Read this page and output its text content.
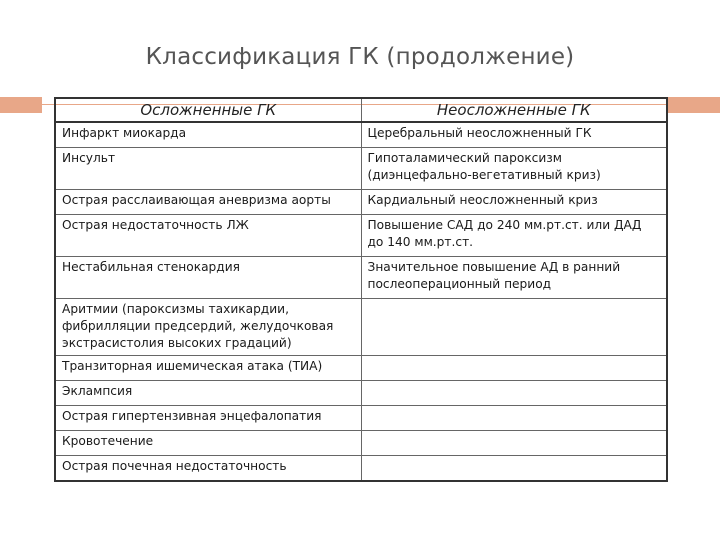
Классификация ГК (продолжение)
Осложненные ГК	Неосложненные ГК
Инфаркт миокарда	Церебральный неосложненный ГК
Инсульт	Гипоталамический пароксизм (диэнцефально-вегетативный криз)
Острая расслаивающая аневризма аорты	Кардиальный неосложненный криз
Острая недостаточность ЛЖ	Повышение САД до 240 мм.рт.ст. или ДАД до 140 мм.рт.ст.
Нестабильная стенокардия	Значительное повышение АД в ранний послеоперационный период
Аритмии (пароксизмы тахикардии, фибрилляции предсердий, желудочковая экстрасистолия высоких градаций)	
Транзиторная ишемическая атака (ТИА)	
Эклампсия	
Острая гипертензивная энцефалопатия	
Кровотечение	
Острая почечная недостаточность	
